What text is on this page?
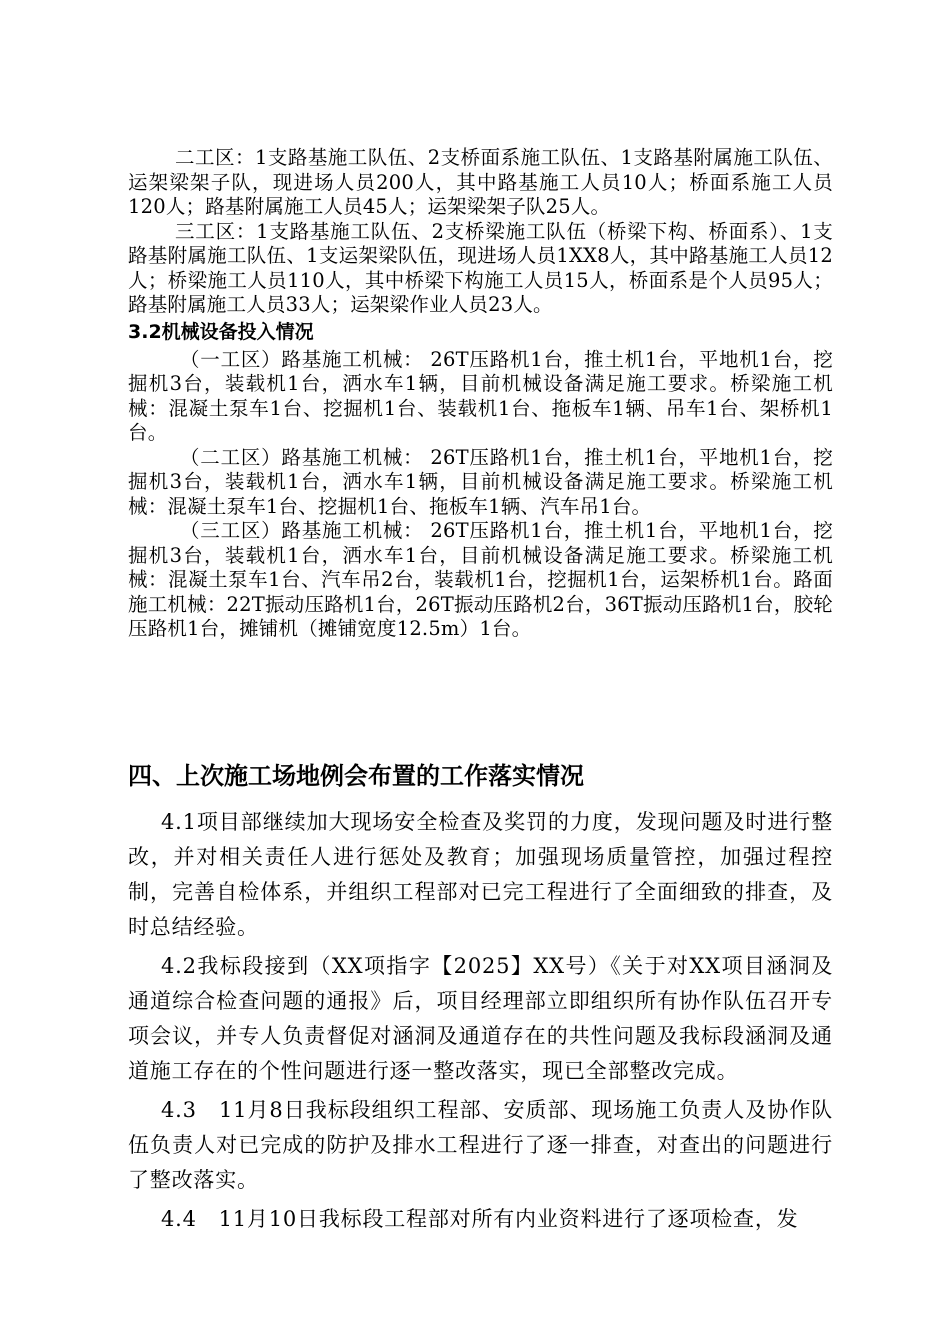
二工区：1支路基施工队伍、2支桥面系施工队伍、1支路基附属施工队伍、运架梁架子队，现进场人员200人，其中路基施工人员10人；桥面系施工人员120人；路基附属施工人员45人；运架梁架子队25人。

三工区：1支路基施工队伍、2支桥梁施工队伍（桥梁下构、桥面系）、1支路基附属施工队伍、1支运架梁队伍，现进场人员1XX8人，其中路基施工人员12人；桥梁施工人员110人，其中桥梁下构施工人员15人，桥面系是个人员95人；路基附属施工人员33人；运架梁作业人员23人。

3.2机械设备投入情况

（一工区）路基施工机械： 26T压路机1台，推土机1台，平地机1台，挖掘机3台，装载机1台，洒水车1辆，目前机械设备满足施工要求。桥梁施工机械：混凝土泵车1台、挖掘机1台、装载机1台、拖板车1辆、吊车1台、架桥机1台。

（二工区）路基施工机械： 26T压路机1台，推土机1台，平地机1台，挖掘机3台，装载机1台，洒水车1辆，目前机械设备满足施工要求。桥梁施工机械：混凝土泵车1台、挖掘机1台、拖板车1辆、汽车吊1台。

（三工区）路基施工机械： 26T压路机1台，推土机1台，平地机1台，挖掘机3台，装载机1台，洒水车1台，目前机械设备满足施工要求。桥梁施工机械：混凝土泵车1台、汽车吊2台，装载机1台，挖掘机1台，运架桥机1台。路面施工机械：22T振动压路机1台，26T振动压路机2台，36T振动压路机1台，胶轮压路机1台，摊铺机（摊铺宽度12.5m）1台。

四、上次施工场地例会布置的工作落实情况

4.1项目部继续加大现场安全检查及奖罚的力度，发现问题及时进行整改，并对相关责任人进行惩处及教育；加强现场质量管控，加强过程控制，完善自检体系，并组织工程部对已完工程进行了全面细致的排查，及时总结经验。

4.2我标段接到（XX项指字【2025】XX号）《关于对XX项目涵洞及通道综合检查问题的通报》后，项目经理部立即组织所有协作队伍召开专项会议，并专人负责督促对涵洞及通道存在的共性问题及我标段涵洞及通道施工存在的个性问题进行逐一整改落实，现已全部整改完成。

4.3　11月8日我标段组织工程部、安质部、现场施工负责人及协作队伍负责人对已完成的防护及排水工程进行了逐一排查，对查出的问题进行了整改落实。

4.4　11月10日我标段工程部对所有内业资料进行了逐项检查，发
